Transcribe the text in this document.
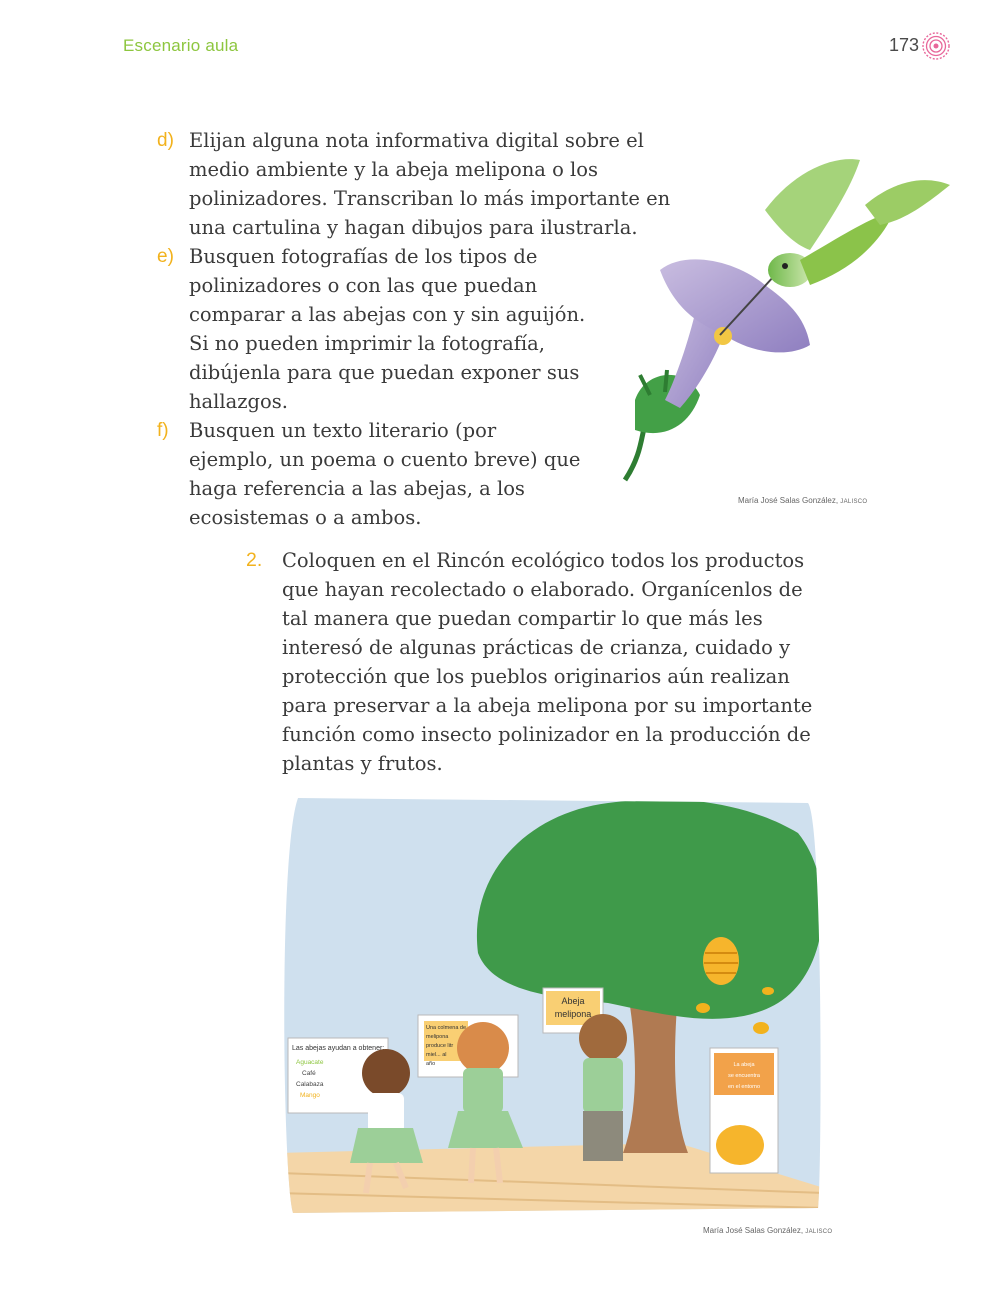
Escenario aula	173
d) Elijan alguna nota informativa digital sobre el medio ambiente y la abeja melipona o los polinizadores. Transcriban lo más importante en una cartulina y hagan dibujos para ilustrarla.
e) Busquen fotografías de los tipos de polinizadores o con las que puedan comparar a las abejas con y sin aguijón. Si no pueden imprimir la fotografía, dibújenla para que puedan exponer sus hallazgos.
f)	Busquen un texto literario (por ejemplo, un poema o cuento breve) que haga referencia a las abejas, a los ecosistemas o a ambos.
María José Salas González, JALISCO
2.	Coloquen en el Rincón ecológico todos los productos que hayan recolectado o elaborado. Organícenlos de tal manera que puedan compartir lo que más les interesó de algunas prácticas de crianza, cuidado y protección que los pueblos originarios aún realizan para preservar a la abeja melipona por su importante función como insecto polinizador en la producción de plantas y frutos.
Las abejas ayudan a obtener:
Aguacate
Café
Calabaza
Mango
Una colmena de
melipona
produce litr
miel... al
año
Abeja
melipona
La abeja
se encuentra
en el entorno
María José Salas González, JALISCO
